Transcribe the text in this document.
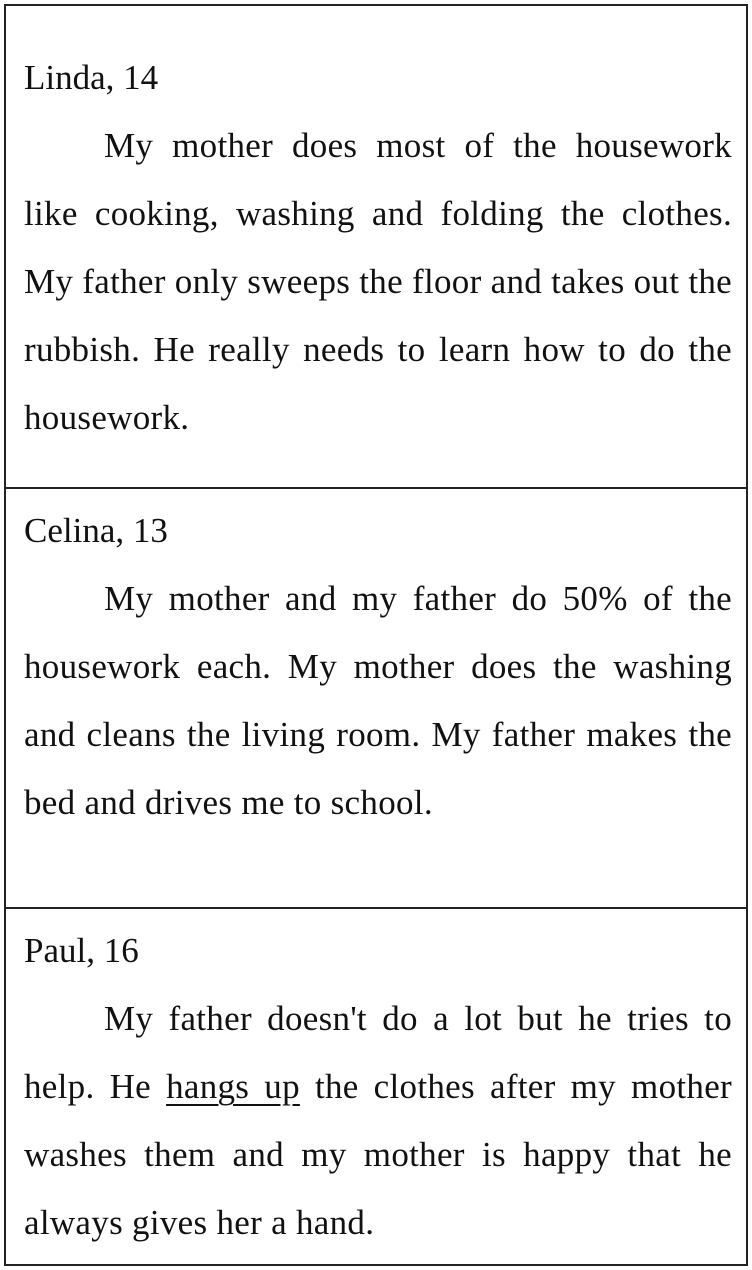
Linda, 14
My mother does most of the housework like cooking, washing and folding the clothes. My father only sweeps the floor and takes out the rubbish. He really needs to learn how to do the housework.
Celina, 13
My mother and my father do 50% of the housework each. My mother does the washing and cleans the living room. My father makes the bed and drives me to school.
Paul, 16
My father doesn't do a lot but he tries to help. He hangs up the clothes after my mother washes them and my mother is happy that he always gives her a hand.
